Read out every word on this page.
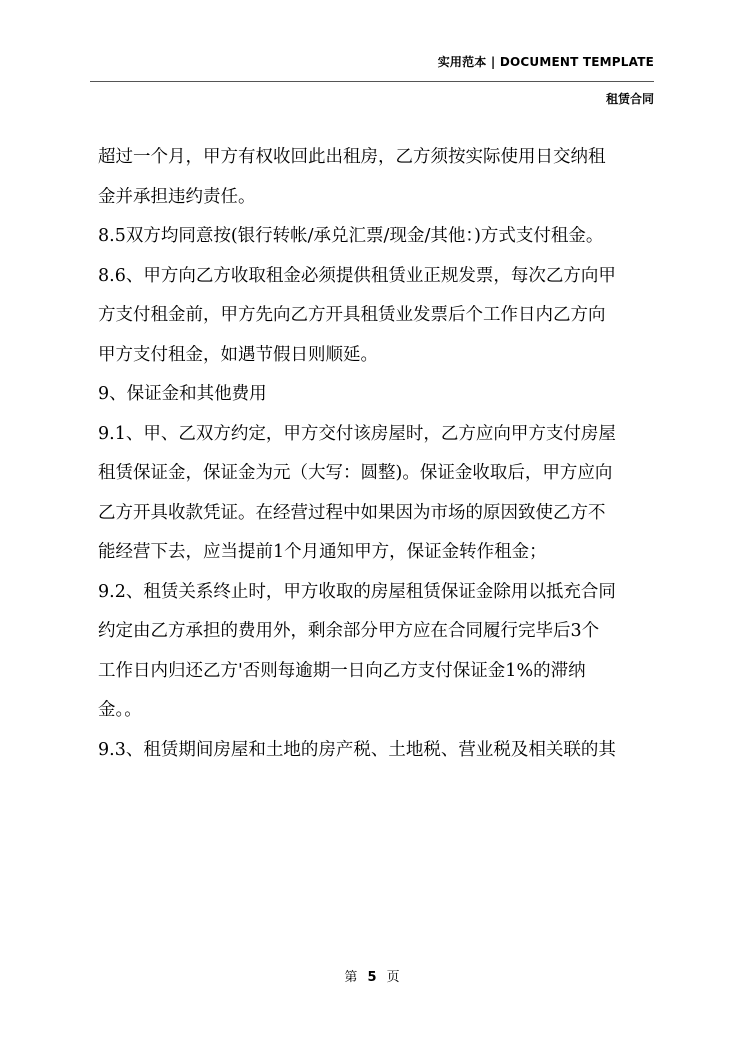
实用范本 | DOCUMENT TEMPLATE
租赁合同

超过一个月，甲方有权收回此出租房，乙方须按实际使用日交纳租

金并承担违约责任。

8.5双方均同意按(银行转帐/承兑汇票/现金/其他：)方式支付租金。

8.6、甲方向乙方收取租金必须提供租赁业正规发票，每次乙方向甲

方支付租金前，甲方先向乙方开具租赁业发票后个工作日内乙方向

甲方支付租金，如遇节假日则顺延。

9、保证金和其他费用

9.1、甲、乙双方约定，甲方交付该房屋时，乙方应向甲方支付房屋

租赁保证金，保证金为元（大写：圆整)。保证金收取后，甲方应向

乙方开具收款凭证。在经营过程中如果因为市场的原因致使乙方不

能经营下去，应当提前1个月通知甲方，保证金转作租金；

9.2、租赁关系终止时，甲方收取的房屋租赁保证金除用以抵充合同

约定由乙方承担的费用外，剩余部分甲方应在合同履行完毕后3个

工作日内归还乙方'否则每逾期一日向乙方支付保证金1%的滞纳

金。。

9.3、租赁期间房屋和土地的房产税、土地税、营业税及相关联的其

第 5 页
